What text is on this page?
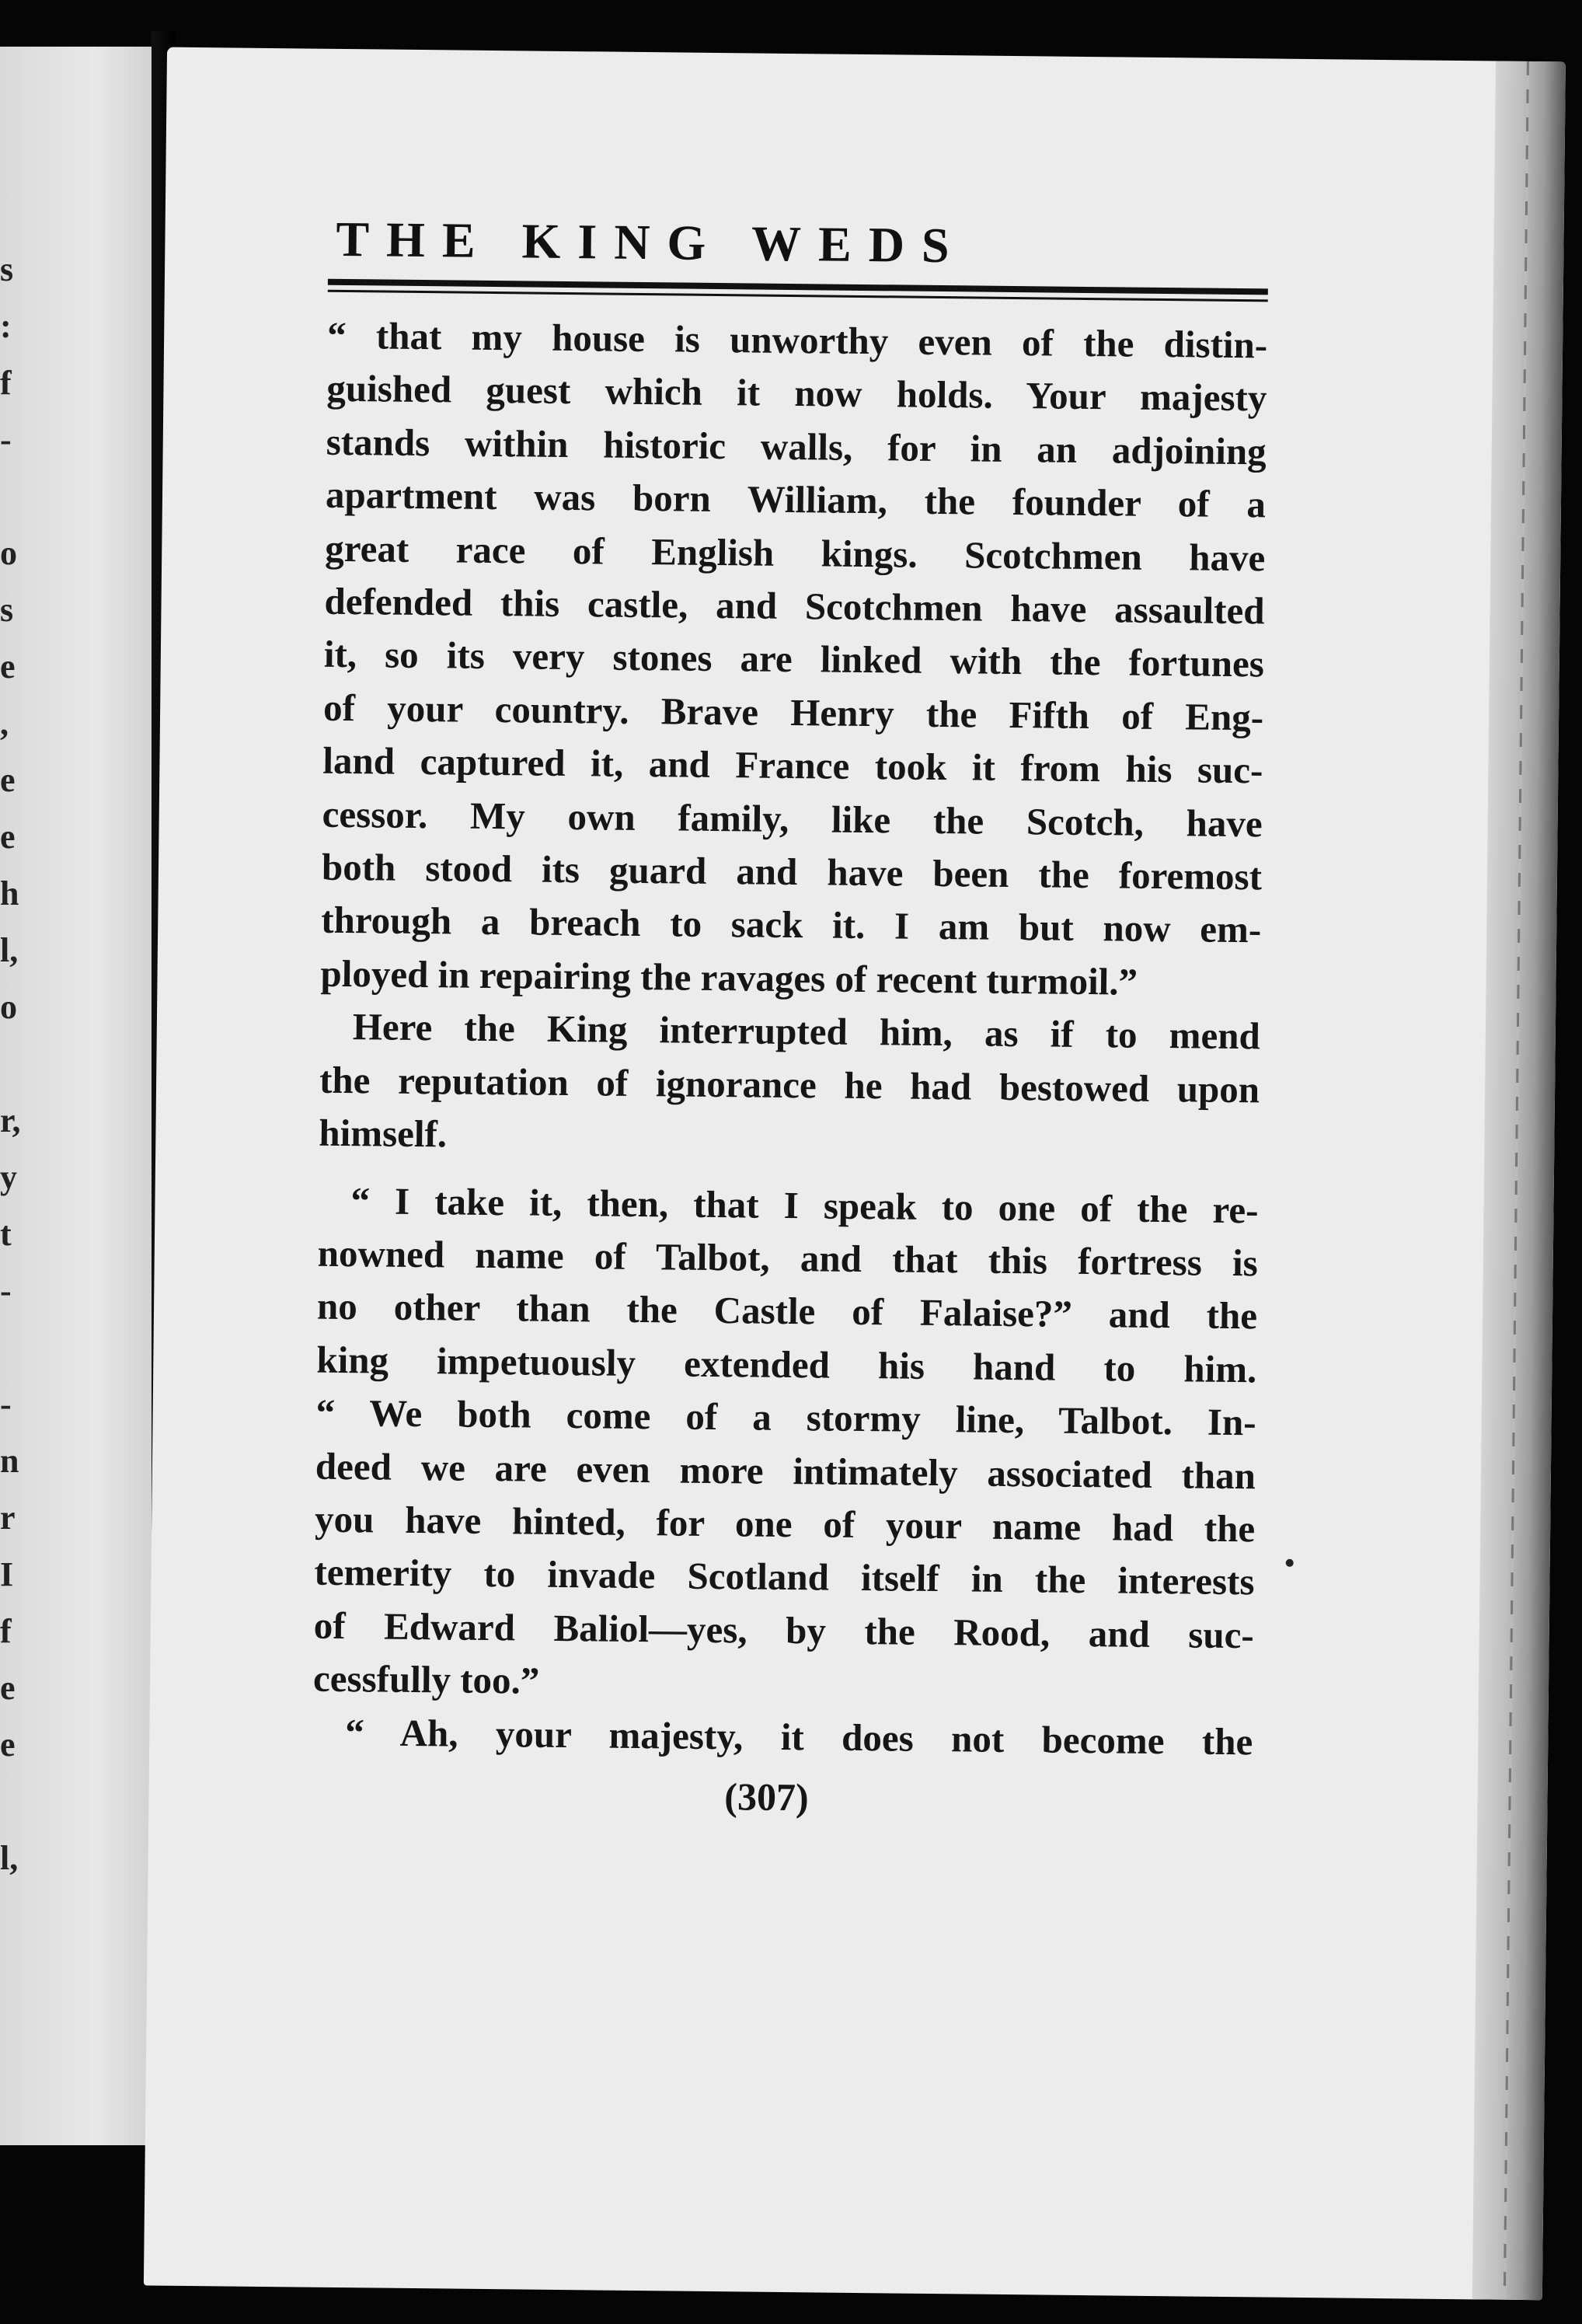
s
:
f
-
o
s
e
,
e
e
h
l,
o
r,
y
t
-
-
n
r
I
f
e
e
l,
THE KING WEDS

“ that my house is unworthy even of the distin-

guished guest which it now holds. Your majesty

stands within historic walls, for in an adjoining

apartment was born William, the founder of a

great race of English kings. Scotchmen have

defended this castle, and Scotchmen have assaulted

it, so its very stones are linked with the fortunes

of your country. Brave Henry the Fifth of Eng-

land captured it, and France took it from his suc-

cessor. My own family, like the Scotch, have

both stood its guard and have been the foremost

through a breach to sack it. I am but now em-

ployed in repairing the ravages of recent turmoil.”

Here the King interrupted him, as if to mend

the reputation of ignorance he had bestowed upon

himself.

“ I take it, then, that I speak to one of the re-

nowned name of Talbot, and that this fortress is

no other than the Castle of Falaise?” and the

king impetuously extended his hand to him.

“ We both come of a stormy line, Talbot. In-

deed we are even more intimately associated than

you have hinted, for one of your name had the

temerity to invade Scotland itself in the interests

of Edward Baliol—yes, by the Rood, and suc-

cessfully too.”

“ Ah, your majesty, it does not become the

(307)
